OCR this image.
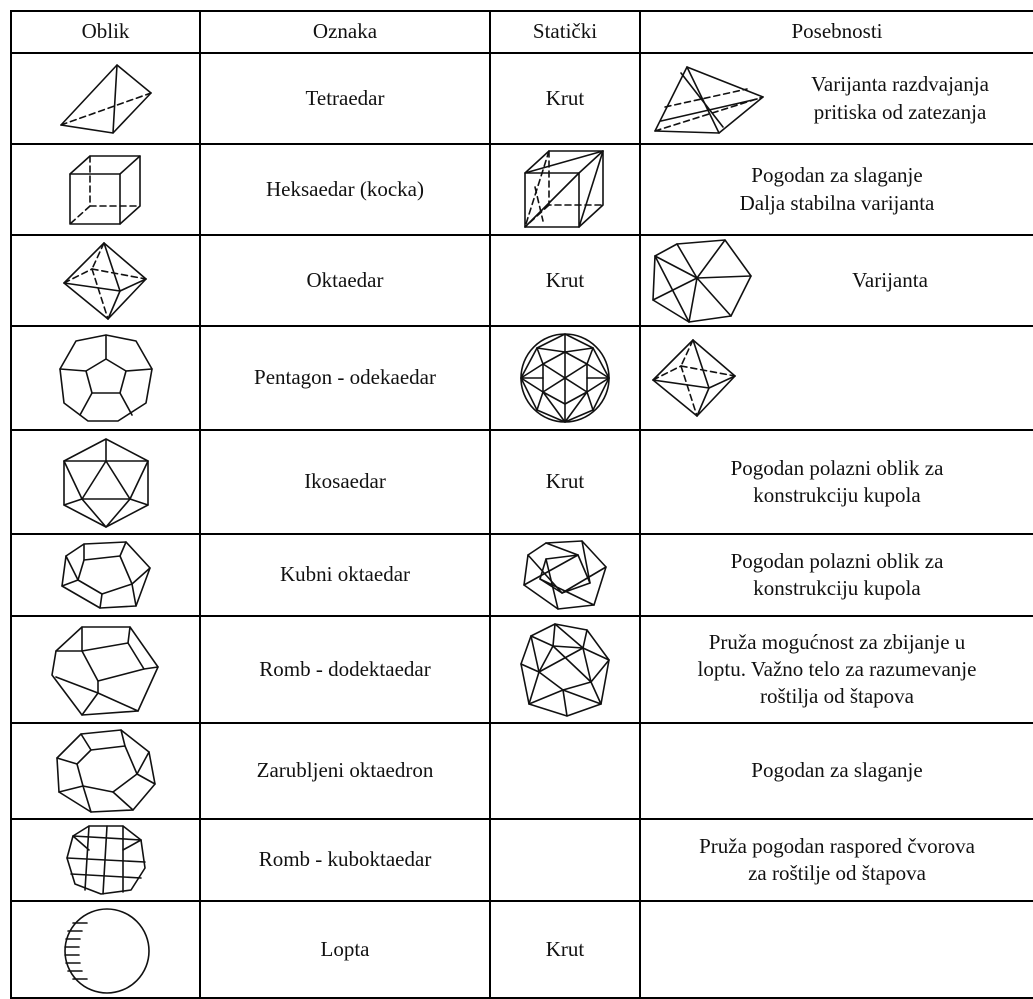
Oblik	Oznaka	Statički	Posebnosti

	Tetraedar	Krut	Varijanta razdvajanja
pritiska od zatezanja

	Heksaedar (kocka)		Pogodan za slaganje
Dalja stabilna varijanta

	Oktaedar	Krut	Varijanta

	Pentagon - odekaedar	

	Ikosaedar	Krut	Pogodan polazni oblik za
konstrukciju kupola

	Kubni oktaedar		Pogodan polazni oblik za
konstrukciju kupola

	Romb - dodektaedar		Pruža mogućnost za zbijanje u
loptu. Važno telo za razumevanje
roštilja od štapova

	Zarubljeni oktaedron		Pogodan za slaganje

	Romb - kuboktaedar		Pruža pogodan raspored čvorova
za roštilje od štapova

	Lopta	Krut	
